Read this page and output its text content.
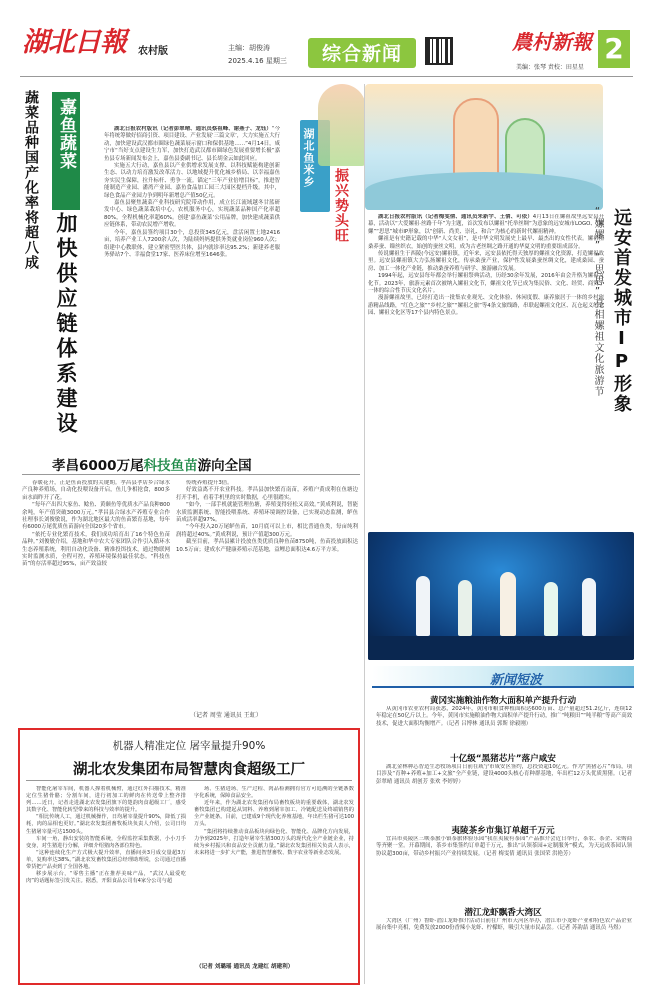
湖北日報 农村版	主编：胡俊涛
2025.4.16 星期三	综合新闻	農村新報 2
美编：张琴 责校：田星星
蔬菜品种国产化率将超八成 嘉鱼蔬菜
加快供应链体系建设

湖北日报农村版讯（记者彭翠晴、通讯员蔡祖峰、谢燕子、龙钰）“今年将统筹做好招商引资、项目建设、产业发展‘三篇文章’，大力实施五大行动，加快建设武汉都市圈绿色蔬菜展示窗口和保供基地……”4月14日，咸宁市“当好支点建设生力军，加快打造武汉都市圈绿色发展重要增长极”嘉鱼县专场新闻发布会上，嘉鱼县委副书记、县长胡金云如此回应。

实施五大行动，嘉鱼县以产业供增求发展支撑、以科技赋能构建创新生态、以动力培育激发改革活力、以地域提升优化城乡格局、以幸福嘉鱼夯实民生保障，拉升标杆、勇争一流。锚定“三年产业倍增目标”，推进智能制造产业园、潘湾产业园、嘉鱼食品加工园三大园区提档升级。其中，绿色食品产业园力争到明年新增总产值50亿元。

嘉鱼县聚焦蔬菜产业科技研究院带动作用，成立长江流域越冬甘蓝研发中心、绿色蔬菜栽培中心，农机服务中心，实现蔬菜品种国产化率超80%，全程机械化率超60%。创建‘嘉鱼蔬菜’公用品牌，加快建成蔬菜供应链体系，带动农民增产增收。

今年，嘉鱼县签约项目30个，总投资345亿元，盘活闲置土地2416亩，培养产业工人7200余人次，为陆续妈妈提供务类就业岗位960人次；组建中心教联体，建立紧密型医共体，县内就诊率达95.2%；新建养老服务驿站7个、幸福食堂17家、医养床位增至1646张。

湖北鱼米乡
振兴势头旺	湖北日报农村版讯（记者梅雯倩、通讯员朱新宇、王倩、可依）4月13日在嫘祖故里远安县开幕，活动以“大爱嫘祖·丝路千年”为主题，首次发布以嫘祖“托举丝绸”为意象的远安城市LOGO、“嫘嫘”“思思”城市IP形象，以“创新、尚美、崇礼、和合”为核心的新时代嫘祖精神。

嫘祖是有史籍记载的中华“人文女祖”，是中华文明发展史上最早、最杰出的女性代表。嫘祖植桑养蚕、缫丝织衣，始创的蚕丝文明，成为古老丝绸之路开通的华夏文明的重要组成部分。

传说嫘祖生于西陵(今远安)嫘祖镇，近年来，远安县依托得天独厚的嫘祖文化资源，打造嫘祖故里。远安县嫘祖镇大力弘扬嫘祖文化，传承桑蚕产业，保护性发展桑蚕丝绸文化，建成桑园、蚕房、加工一体化产业链，推动桑蚕养殖与研学、旅游融合发展。

1994年起，远安县每年都会举行嫘祖祭典活动，历经30余年发展，2016年由会升格为嫘祖文化节。2023年，旅游元素首次被纳入嫘祖文化节，嫘祖文化节已成为集民俗、文化、经贸、商贸于一体的综合性节庆文化名片。

漫游嫘祖故里，已经打造出一批集农业观光、文化体验、休闲度假、康养旅居于一体的乡村旅游精品线路，“红色之旅”“乡村之旅”“嫘祖之旅”等4条文旅线路，串联起嫘祖文化区、瓦仓起义纪念园、嫘祖文化区等17个县内特色景点。	远安首发城市IP形象
“嫘嫘”“思思”亮相嫘祖文化旅游节
孝昌6000万尾科技鱼苗游向全国

春暖花开，正是鱼苗投放的关键期。孝昌县孝店乡合绿水产良种养殖场，自动化投喂设备开启，鱼儿争相抢食，800多亩水面昨开了花。

“每年产出四大家鱼、鲶鱼、黄颡鱼等优质水产品良种800余吨，年产值突破3000万元。”孝昌县合绿水产养殖专业合作社理事长刘俊敏说，作为湖北地区最大的鱼苗繁育基地，每年有6000万尾优质鱼苗游向全国20多个省市。

“依托专业化繁育技术，我们成功培育出了16个特色鱼苗品种。”刘俊敏介绍，基地和华中农大专家团队合作引入循环水生态养殖系统，利用自动化设备、精准投饵技术，通过物联网实时监测水质，全程可控，养殖环境保持最佳状态。“科技鱼苗”的存活率超过95%，亩产效益较

传统养殖提升3倍。

好效益离不开农业科技。孝昌县加快繁育南苗，养殖户黄成利在鱼塘边打开手机，看着手机里的实时数据，心里很踏实。

“如今，一部手机就能管理鱼塘，养殖变得轻松又高效。”黄成利说，智能水质监测系统、智能投喂系统、养殖环境调控设备，已实现动态监测，鲈鱼苗成活率超97%。

“今年投入20万尾鲈鱼苗，10月底可以上市，相比普通鱼类，每亩纯利润将超过40%。”黄成利说，预计产值超300万元。

截至目前，孝昌县累计投放鱼类优质良种鱼苗8750吨，鱼苗投放面积达10.5万亩；建成水产健康养殖示范基地，益鲤总面积达4.6万平方米。

（记者 周莹 通讯员 王虹）
机器人精准定位 屠宰量提升90%
湖北农发集团布局智慧肉食超级工厂

智能化屠宰车间，机器人撑着机械臂，通过红外扫描技术，精准定位生猪骨骼；分割车间，进行初加工的鲜肉在传送带上整齐排列……近日，记者走进湖北农发集团旗下的楚韵肉食超级工厂，感受其数字化、智能化转型带来的科技与效率的提升。

“相比传统人工，通过机械操作，日均屠宰量提升90%，降低了损耗，肉的品相也更好。”湖北农发集团畜牧板块负责人介绍，公司日均生猪屠宰量可达1500头。

车间一角，静出安装的智能系统，全程监控采集数据，小小刀手变身，对生猪进行分解，详细介绍猪肉各部位特色。

“这种连续化生产方式极大提升效率，直播间卖3月成交量超3万单，复购率达38%。”湖北农发畜牧集团总经理助理说，公司通过直播带货把产品卖到了全国各地。

移步展示台，“零售主播”正在推荐美味产品，“武汉人最爱吃肉”的话题标签引发关注。据悉，开阳食品公司有4家分公司与超

场、生猪进场、生产过程、肉品检测拥有官方可追溯的全链条数字化系统，保障食品安全。

近年来，作为湖北农发集团布局畜牧板块的重要载体，湖北农发畜牧集团已构建起从饲料、养殖到屠宰加工、冷链配送及终端销售的全产业链条。目前，已建成9个现代化养殖基地，年出栏生猪可达100万头。

“集团将持续推动食品板块向绿色化、智能化、品牌化方向发展，力争到2025年，打造年屠宰生猪300万头的现代化全产业链企业，持续为乡村振兴和食品安全贡献力量。”湖北农发集团相关负责人表示，未来将进一步扩大产能，推进智慧畜牧、数字农业等新业态发展。

（记者 刘璐瑶 通讯员 龙建红 胡建利）
新闻短波
黄冈实施粮油作物大面积单产提升行动

从黄冈市农业农村局获悉，2024年，黄冈市粮食种植面积达600万亩、总产量超过51.2亿斤，连续12年稳定在50亿斤以上。今年，黄冈市实施粮油作物大面积单产提升行动，推广“吨粮田”“吨半粮”等高产高效技术，促进大面积均衡增产。（记者 吕博林 通讯员 郭斯 徐毅刚）

十亿级“黑猪芯片”落户咸安

湖北金林种芯智造生态牧场项目日前在咸宁市咸安区签约，总投资超10亿元。作为“黑猪芯片”布局，项目涉及“育种+养殖+加工+文旅”全产业链，建设4000头核心育种群基地，年出栏12万头优质黑猪。（记者 彭翠晴 通讯员 胡创芳 张欢 李婷婷）

夷陵茶乡市集订单超千万元

宜昌市夷陵区三峡茶旅小镇茶旅体验乐园“我在夷陵有茶园”产品推介会近日举行，茶农、茶企、采购商等齐聚一堂。开幕期间，茶乡市集签约订单超千万元，推出“认领茶园+定制服务”模式，为天远成茶园认领协议超300亩，带动乡村振兴产业持续发展。（记者 梅雯倩 通讯员 张国荣 洪艳芳）

潜江龙虾飘香大湾区

大湾区（广州）鲁虾·潜江龙虾推介活动日前在广州市天河区举办，潜江市小龙虾产业和特色农产品企业展台集中亮相，免费发放2000份香辣小龙虾、柠檬虾，吸引大量市民品尝。（记者 苏韵喆 通讯员 马煜）
